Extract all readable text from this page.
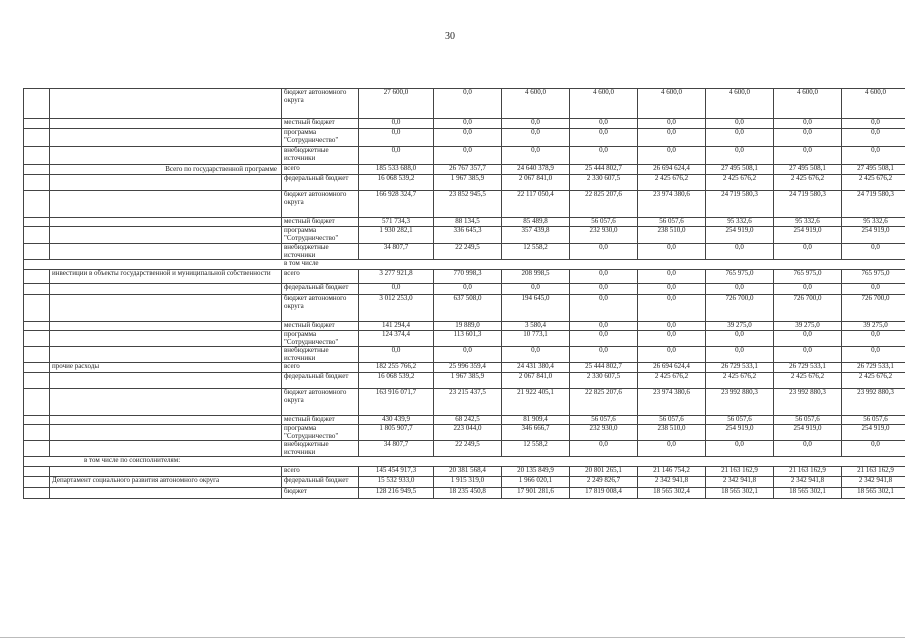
30
		бюджет автономного округа	27 600,0	0,0	4 600,0	4 600,0	4 600,0	4 600,0	4 600,0	4 600,0
		местный бюджет	0,0	0,0	0,0	0,0	0,0	0,0	0,0	0,0
		программа "Сотрудничество"	0,0	0,0	0,0	0,0	0,0	0,0	0,0	0,0
		внебюджетные источники	0,0	0,0	0,0	0,0	0,0	0,0	0,0	0,0
	Всего по государственной программе	всего	185 533 688,0	26 767 357,7	24 640 378,9	25 444 802,7	26 694 624,4	27 495 508,1	27 495 508,1	27 495 508,1
		федеральный бюджет	16 068 539,2	1 967 385,9	2 067 841,0	2 330 607,5	2 425 676,2	2 425 676,2	2 425 676,2	2 425 676,2
		бюджет автономного округа	166 928 324,7	23 852 945,5	22 117 050,4	22 825 207,6	23 974 380,6	24 719 580,3	24 719 580,3	24 719 580,3
		местный бюджет	571 734,3	88 134,5	85 489,8	56 057,6	56 057,6	95 332,6	95 332,6	95 332,6
		программа "Сотрудничество"	1 930 282,1	336 645,3	357 439,8	232 930,0	238 510,0	254 919,0	254 919,0	254 919,0
		внебюджетные источники	34 807,7	22 249,5	12 558,2	0,0	0,0	0,0	0,0	0,0
в том числе										
	инвестиции в объекты государственной и муниципальной собственности	всего	3 277 921,8	770 998,3	208 998,5	0,0	0,0	765 975,0	765 975,0	765 975,0
		федеральный бюджет	0,0	0,0	0,0	0,0	0,0	0,0	0,0	0,0
		бюджет автономного округа	3 012 253,0	637 508,0	194 645,0	0,0	0,0	726 700,0	726 700,0	726 700,0
		местный бюджет	141 294,4	19 889,0	3 580,4	0,0	0,0	39 275,0	39 275,0	39 275,0
		программа "Сотрудничество"	124 374,4	113 601,3	10 773,1	0,0	0,0	0,0	0,0	0,0
		внебюджетные источники	0,0	0,0	0,0	0,0	0,0	0,0	0,0	0,0
	прочие расходы	всего	182 255 766,2	25 996 359,4	24 431 380,4	25 444 802,7	26 694 624,4	26 729 533,1	26 729 533,1	26 729 533,1
		федеральный бюджет	16 068 539,2	1 967 385,9	2 067 841,0	2 330 607,5	2 425 676,2	2 425 676,2	2 425 676,2	2 425 676,2
		бюджет автономного округа	163 916 071,7	23 215 437,5	21 922 405,1	22 825 207,6	23 974 380,6	23 992 880,3	23 992 880,3	23 992 880,3
		местный бюджет	430 439,9	68 242,5	81 909,4	56 057,6	56 057,6	56 057,6	56 057,6	56 057,6
		программа "Сотрудничество"	1 805 907,7	223 044,0	346 666,7	232 930,0	238 510,0	254 919,0	254 919,0	254 919,0
		внебюджетные источники	34 807,7	22 249,5	12 558,2	0,0	0,0	0,0	0,0	0,0
в том числе по соисполнителям:										
		всего	145 454 917,3	20 381 568,4	20 135 849,9	20 801 265,1	21 146 754,2	21 163 162,9	21 163 162,9	21 163 162,9
	Департамент социального развития автономного округа	федеральный бюджет	15 532 933,0	1 915 319,0	1 966 020,1	2 249 826,7	2 342 941,8	2 342 941,8	2 342 941,8	2 342 941,8
		бюджет	128 216 949,5	18 235 450,8	17 901 281,6	17 819 008,4	18 565 302,4	18 565 302,1	18 565 302,1	18 565 302,1
